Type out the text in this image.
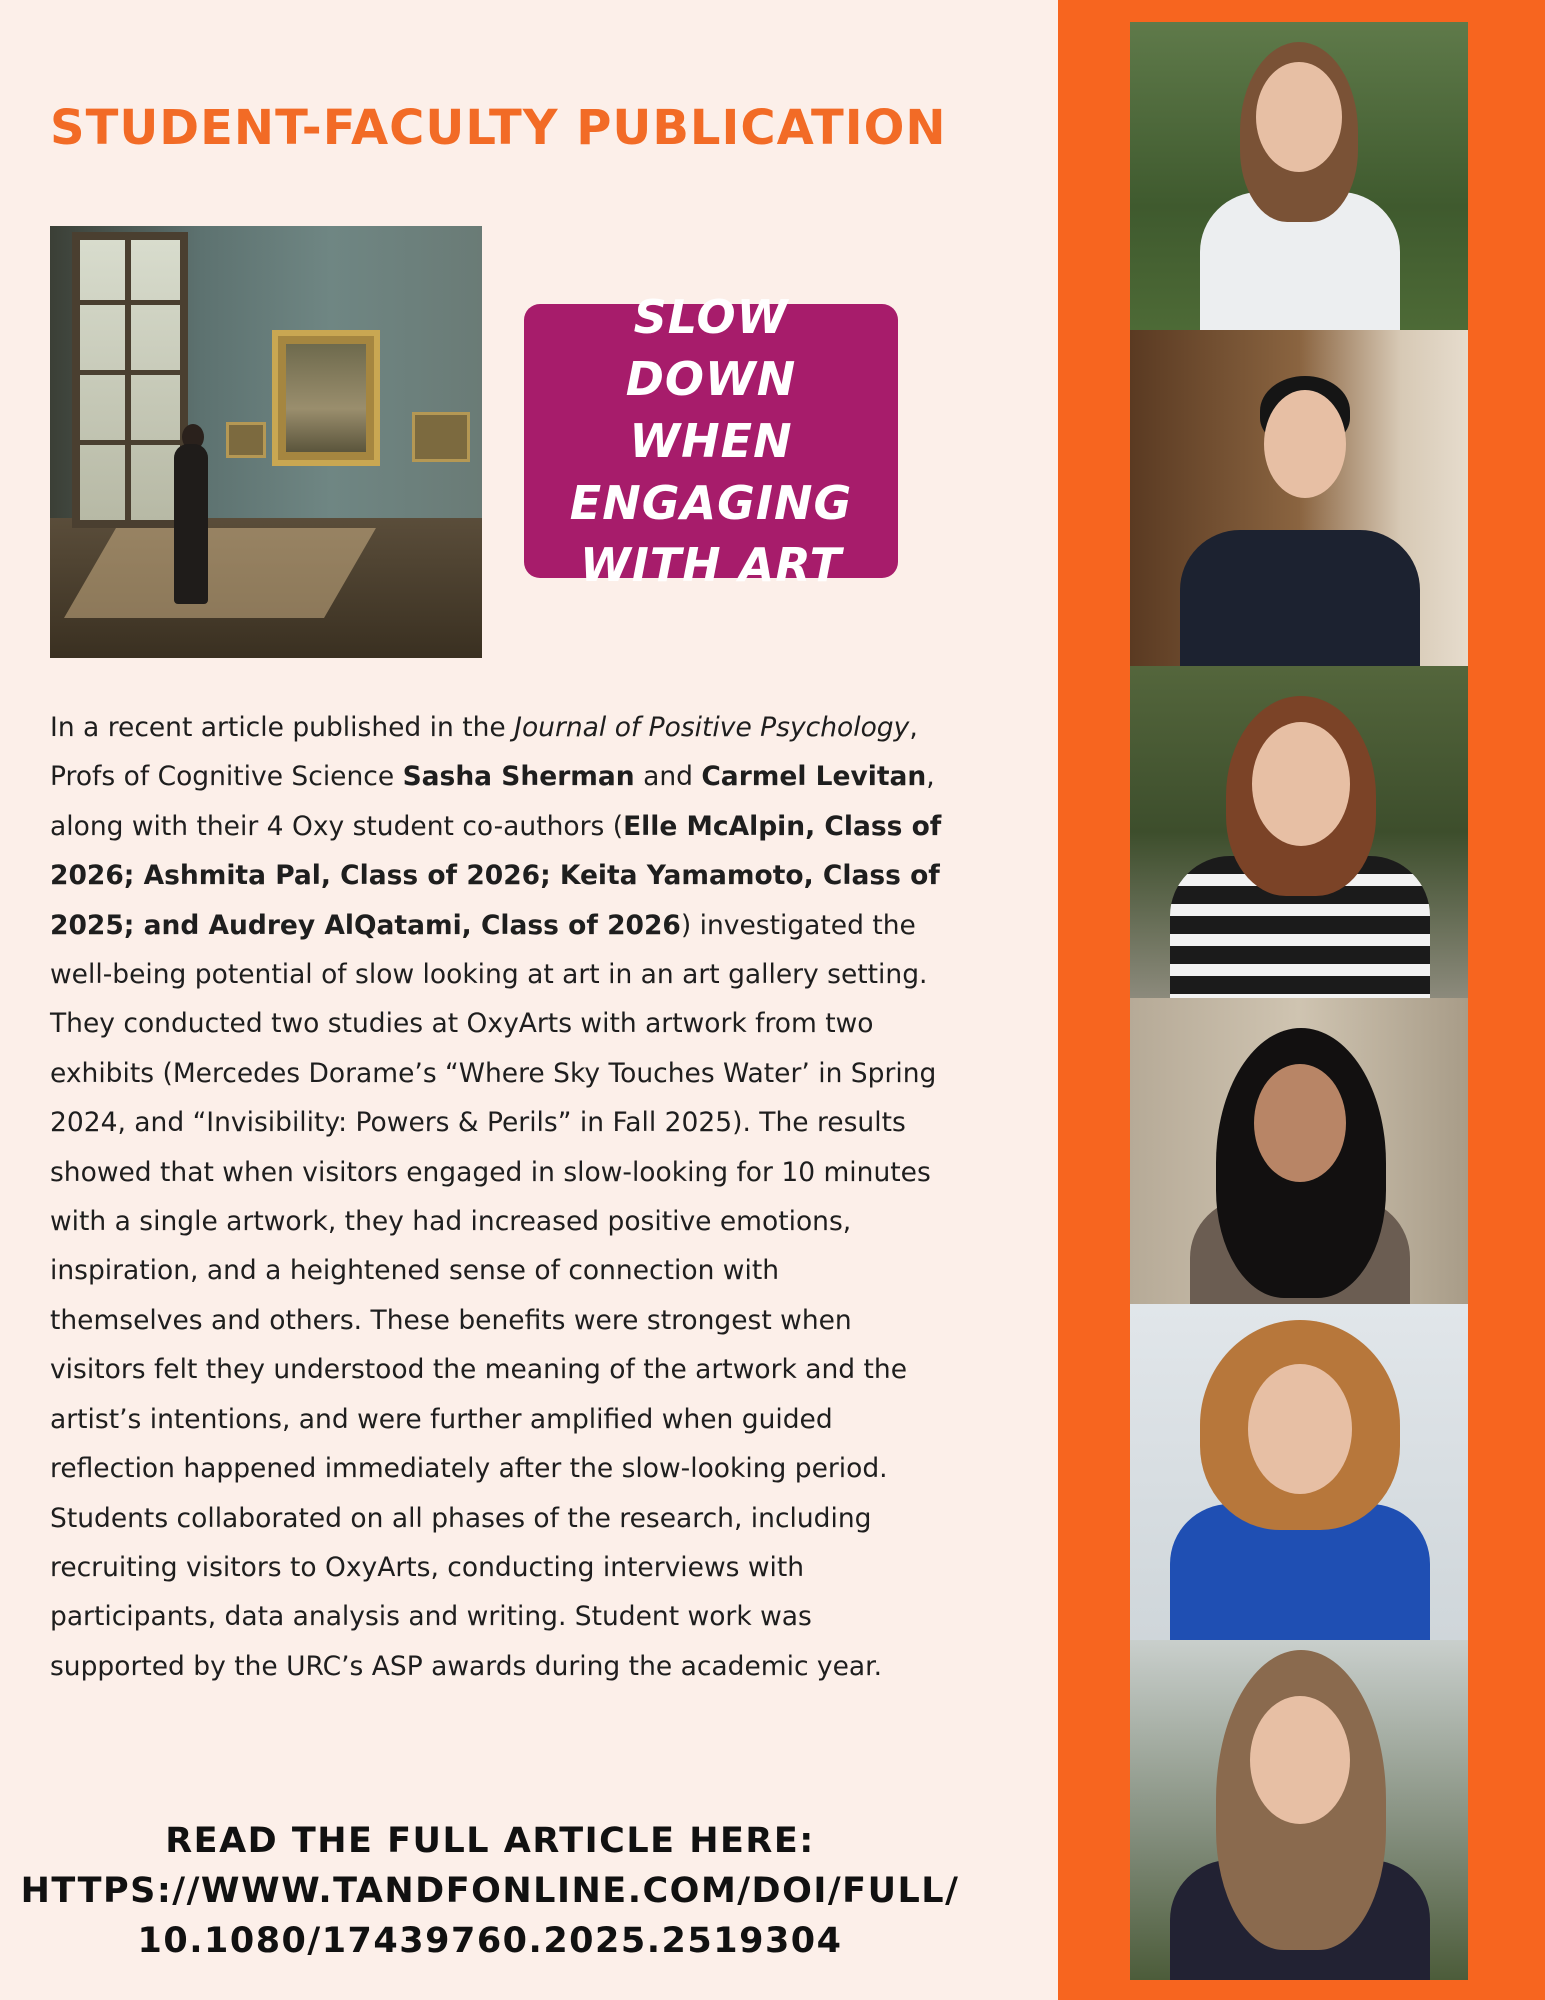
STUDENT-FACULTY PUBLICATION
SLOW DOWN
WHEN
ENGAGING
WITH ART
In a recent article published in the Journal of Positive Psychology,
Profs of Cognitive Science Sasha Sherman and Carmel Levitan,
along with their 4 Oxy student co-authors (Elle McAlpin, Class of
2026; Ashmita Pal, Class of 2026; Keita Yamamoto, Class of
2025; and Audrey AlQatami, Class of 2026) investigated the
well-being potential of slow looking at art in an art gallery setting.
They conducted two studies at OxyArts with artwork from two
exhibits (Mercedes Dorame’s “Where Sky Touches Water’ in Spring
2024, and “Invisibility: Powers & Perils” in Fall 2025). The results
showed that when visitors engaged in slow-looking for 10 minutes
with a single artwork, they had increased positive emotions,
inspiration, and a heightened sense of connection with
themselves and others. These benefits were strongest when
visitors felt they understood the meaning of the artwork and the
artist’s intentions, and were further amplified when guided
reflection happened immediately after the slow-looking period.
Students collaborated on all phases of the research, including
recruiting visitors to OxyArts, conducting interviews with
participants, data analysis and writing. Student work was
supported by the URC’s ASP awards during the academic year.
READ THE FULL ARTICLE HERE:
HTTPS://WWW.TANDFONLINE.COM/DOI/FULL/
10.1080/17439760.2025.2519304
